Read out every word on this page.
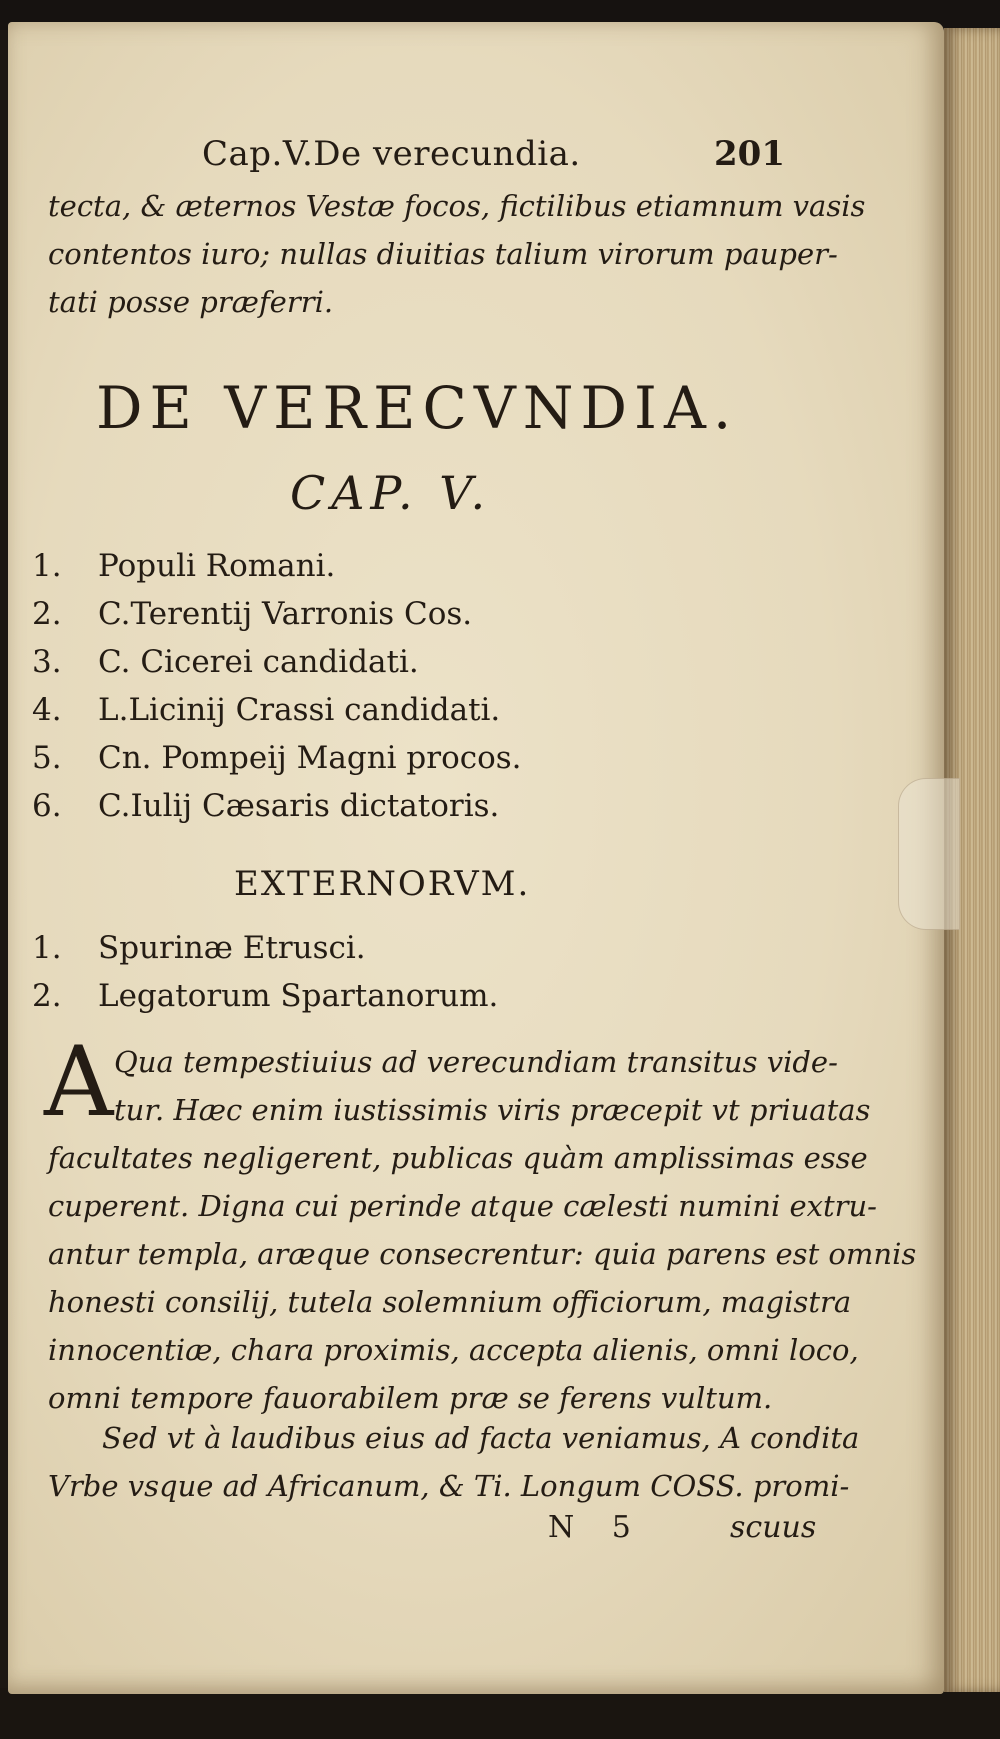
Cap.V.De verecundia.	201
tecta, & æternos Vestæ focos, fictilibus etiamnum vasis
contentos iuro; nullas diuitias talium virorum pauper-
tati posse præferri.
DE VERECVNDIA.
CAP. V.
1.	Populi Romani.
2.	C.Terentij Varronis Cos.
3.	C. Cicerei candidati.
4.	L.Licinij Crassi candidati.
5.	Cn. Pompeij Magni procos.
6.	C.Iulij Cæsaris dictatoris.
EXTERNORVM.
1.	Spurinæ Etrusci.
2.	Legatorum Spartanorum.
A Qua tempestiuius ad verecundiam transitus vide-
tur. Hæc enim iustissimis viris præcepit vt priuatas
facultates negligerent, publicas quàm amplissimas esse
cuperent. Digna cui perinde atque cælesti numini extru-
antur templa, aræque consecrentur: quia parens est omnis
honesti consilij, tutela solemnium officiorum, magistra
innocentiæ, chara proximis, accepta alienis, omni loco,
omni tempore fauorabilem præ se ferens vultum.
Sed vt à laudibus eius ad facta veniamus, A condita
Vrbe vsque ad Africanum, & Ti. Longum COSS. promi-
N 5	scuus
